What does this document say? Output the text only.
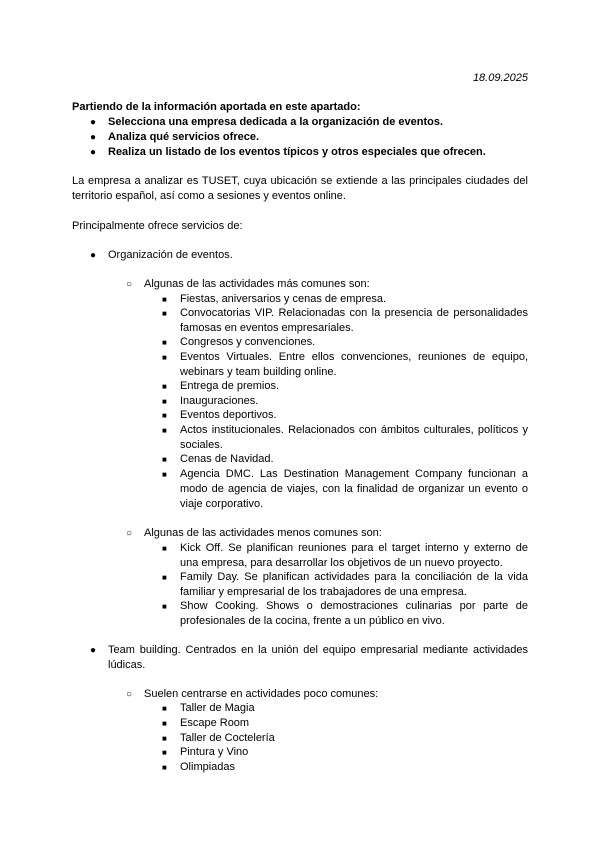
18.09.2025
Partiendo de la información aportada en este apartado:
● Selecciona una empresa dedicada a la organización de eventos.
● Analiza qué servicios ofrece.
● Realiza un listado de los eventos típicos y otros especiales que ofrecen.
La empresa a analizar es TUSET, cuya ubicación se extiende a las principales ciudades del territorio español, así como a sesiones y eventos online.
Principalmente ofrece servicios de:
● Organización de eventos.
○ Algunas de las actividades más comunes son:
■ Fiestas, aniversarios y cenas de empresa.
■ Convocatorias VIP. Relacionadas con la presencia de personalidades famosas en eventos empresariales.
■ Congresos y convenciones.
■ Eventos Virtuales. Entre ellos convenciones, reuniones de equipo, webinars y team building online.
■ Entrega de premios.
■ Inauguraciones.
■ Eventos deportivos.
■ Actos institucionales. Relacionados con ámbitos culturales, políticos y sociales.
■ Cenas de Navidad.
■ Agencia DMC. Las Destination Management Company funcionan a modo de agencia de viajes, con la finalidad de organizar un evento o viaje corporativo.
○ Algunas de las actividades menos comunes son:
■ Kick Off. Se planifican reuniones para el target interno y externo de una empresa, para desarrollar los objetivos de un nuevo proyecto.
■ Family Day. Se planifican actividades para la conciliación de la vida familiar y empresarial de los trabajadores de una empresa.
■ Show Cooking. Shows o demostraciones culinarias por parte de profesionales de la cocina, frente a un público en vivo.
● Team building. Centrados en la unión del equipo empresarial mediante actividades lúdicas.
○ Suelen centrarse en actividades poco comunes:
■ Taller de Magia
■ Escape Room
■ Taller de Coctelería
■ Pintura y Vino
■ Olimpiadas
